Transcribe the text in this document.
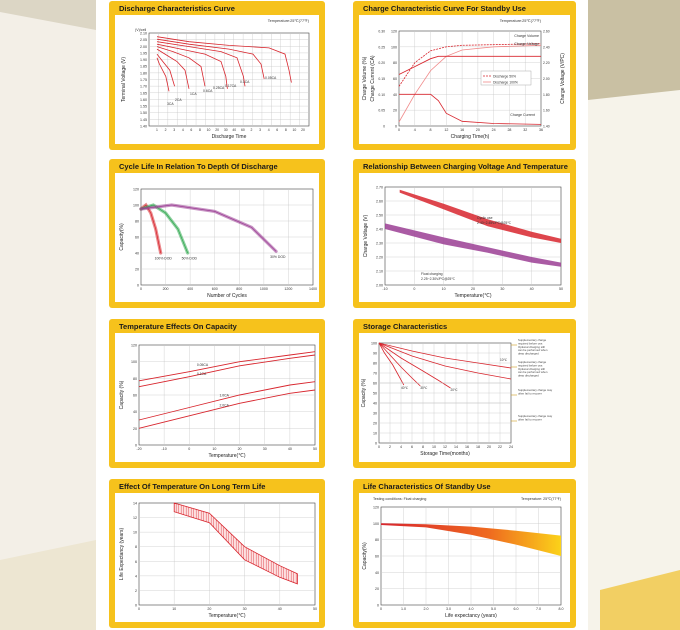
Discharge Characteristics Curve
2.10
2.05
2.00
1.95
1.90
1.85
1.80
1.75
1.70
1.65
1.60
1.55
1.50
1.45
1.40
1 2 3 4 6 8 10 20 30 40 60 2 3 4 6 8 10 20
Temperature:25℃(77℉)
(V)/cell
Terminal Voltage (V)
Discharge Time
3CA
2CA
1CA
0.6CA
0.25CA 0.17CA
0.1CA
0.05CA
Charge Characteristic Curve For Standby Use
120
100
80
60
40
20
0
0	4	8	12	16	20	24	28	32	36
0.30
0.25
0.20
0.15
0.10
0.05
0
2.60
2.40
2.20
2.00
1.80
1.60
1.40
Temperature:25℃(77℉)
Charge Volume (%) Charge Current (CA)	Charge Voltage (V/PC)
Charging Time(h)
Charge Volume
Charge Voltage
Charge Current
Discharge 50%
Discharge 100%
Cycle Life In Relation To Depth Of Discharge
120
100
80
60
40
20
0
0	200	400	600	800	1000	1200	1400
Capacity(%)
Number of Cycles
100% DOD	50% DOD	30% DOD
Relationship Between Charging Voltage And Temperature
2.70
2.60
2.50
2.40
2.30
2.20
2.10
2.00
-10	0	10	20	30	40	50
Charge Voltage (V)
Temperature(℃)
Cyclic use
2.40~2.45V/PC@25℃
Float charging
2.25~2.30V/PC@25℃
Temperature Effects On Capacity
120
100
80
60
40
20
0
-20	-10	0	10	20	30	40	50
Capacity (%)
Temperature(℃)
0.05CA
0.1CA
1.0CA
2.0CA
Storage Characteristics
100
90
80
70
60
50
40
30
20
10
0
0	2	4	6	8 10 12 14 16 18 20 22 24
Capacity (%)
Storage Time(months)
40℃	30℃	20℃
10℃
Supplementary charge required before use. Optional charging still can be performed when deep discharged
Supplementary charge required before use. Optional charging still can be performed when deep discharged
Supplementary charge may often fail to recover
Supplementary charge may often fail to recover
Effect Of Temperature On Long Term Life
14
12
10
8
6
4
2
0
0	10	20	30	40	50
Life Expectancy (years)
Temperature(℃)
Life Characteristics Of Standby Use
120
100
80
60
40
20
0
0	1.0	2.0	3.0	4.0	5.0	6.0	7.0	8.0
Testing conditions: Float charging	Temperature: 25℃(77℉)
Capacity(%)
Life expectancy (years)
